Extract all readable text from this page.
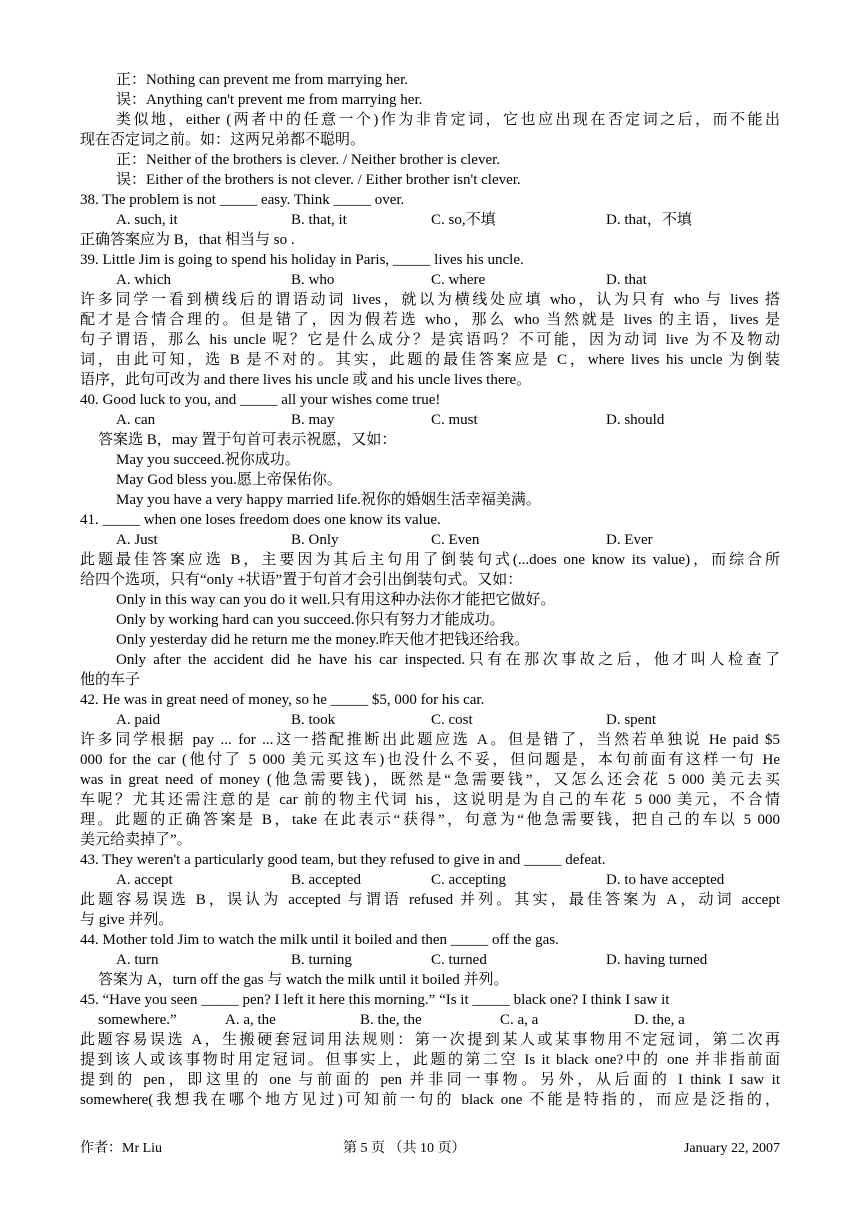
正：Nothing can prevent me from marrying her.
误：Anything can't prevent me from marrying her.
类似地，either (两者中的任意一个)作为非肯定词，它也应出现在否定词之后，而不能出
现在否定词之前。如：这两兄弟都不聪明。
正：Neither of the brothers is clever. / Neither brother is clever.
误：Either of the brothers is not clever. / Either brother isn't clever.
38. The problem is not _____ easy. Think _____ over.
A. such, it	B. that, it	C. so,不填	D. that，不填
正确答案应为 B，that 相当与 so .
39. Little Jim is going to spend his holiday in Paris, _____ lives his uncle.
A. which	B. who	C. where	D. that
许多同学一看到横线后的谓语动词 lives，就以为横线处应填 who，认为只有 who 与 lives 搭
配才是合情合理的。但是错了，因为假若选 who，那么 who 当然就是 lives 的主语，lives 是
句子谓语，那么 his uncle 呢？它是什么成分？是宾语吗？不可能，因为动词 live 为不及物动
词，由此可知，选 B 是不对的。其实，此题的最佳答案应是 C，where lives his uncle 为倒装
语序，此句可改为 and there lives his uncle 或 and his uncle lives there。
40. Good luck to you, and _____ all your wishes come true!
A. can	B. may	C. must	D. should
答案选 B，may 置于句首可表示祝愿，又如：
May you succeed.祝你成功。
May God bless you.愿上帝保佑你。
May you have a very happy married life.祝你的婚姻生活幸福美满。
41. _____ when one loses freedom does one know its value.
A. Just	B. Only	C. Even	D. Ever
此题最佳答案应选 B，主要因为其后主句用了倒装句式(...does one know its value)，而综合所
给四个选项，只有“only +状语”置于句首才会引出倒装句式。又如：
Only in this way can you do it well.只有用这种办法你才能把它做好。
Only by working hard can you succeed.你只有努力才能成功。
Only yesterday did he return me the money.昨天他才把钱还给我。
Only after the accident did he have his car inspected.只有在那次事故之后，他才叫人检查了
他的车子
42. He was in great need of money, so he _____ $5, 000 for his car.
A. paid	B. took	C. cost	D. spent
许多同学根据 pay ... for ...这一搭配推断出此题应选 A。但是错了，当然若单独说 He paid $5
000 for the car (他付了 5 000 美元买这车)也没什么不妥，但问题是，本句前面有这样一句 He
was in great need of money (他急需要钱)，既然是“急需要钱”，又怎么还会花 5 000 美元去买
车呢？尤其还需注意的是 car 前的物主代词 his，这说明是为自己的车花 5 000 美元，不合情
理。此题的正确答案是 B，take 在此表示“获得”，句意为“他急需要钱，把自己的车以 5 000
美元给卖掉了”。
43. They weren't a particularly good team, but they refused to give in and _____ defeat.
A. accept	B. accepted	C. accepting	D. to have accepted
此题容易误选 B，误认为 accepted 与谓语 refused 并列。其实，最佳答案为 A，动词 accept
与 give 并列。
44. Mother told Jim to watch the milk until it boiled and then _____ off the gas.
A. turn	B. turning	C. turned	D. having turned
答案为 A，turn off the gas 与 watch the milk until it boiled 并列。
45. “Have you seen _____ pen? I left it here this morning.” “Is it _____ black one? I think I saw it
somewhere.”	A. a, the	B. the, the	C. a, a	D. the, a
此题容易误选 A，生搬硬套冠词用法规则：第一次提到某人或某事物用不定冠词，第二次再
提到该人或该事物时用定冠词。但事实上，此题的第二空 Is it black one?中的 one 并非指前面
提到的 pen，即这里的 one 与前面的 pen 并非同一事物。另外，从后面的 I think I saw it
somewhere(我想我在哪个地方见过)可知前一句的 black one 不能是特指的，而应是泛指的，
作者：Mr Liu	第 5 页 （共 10 页）	January 22, 2007
